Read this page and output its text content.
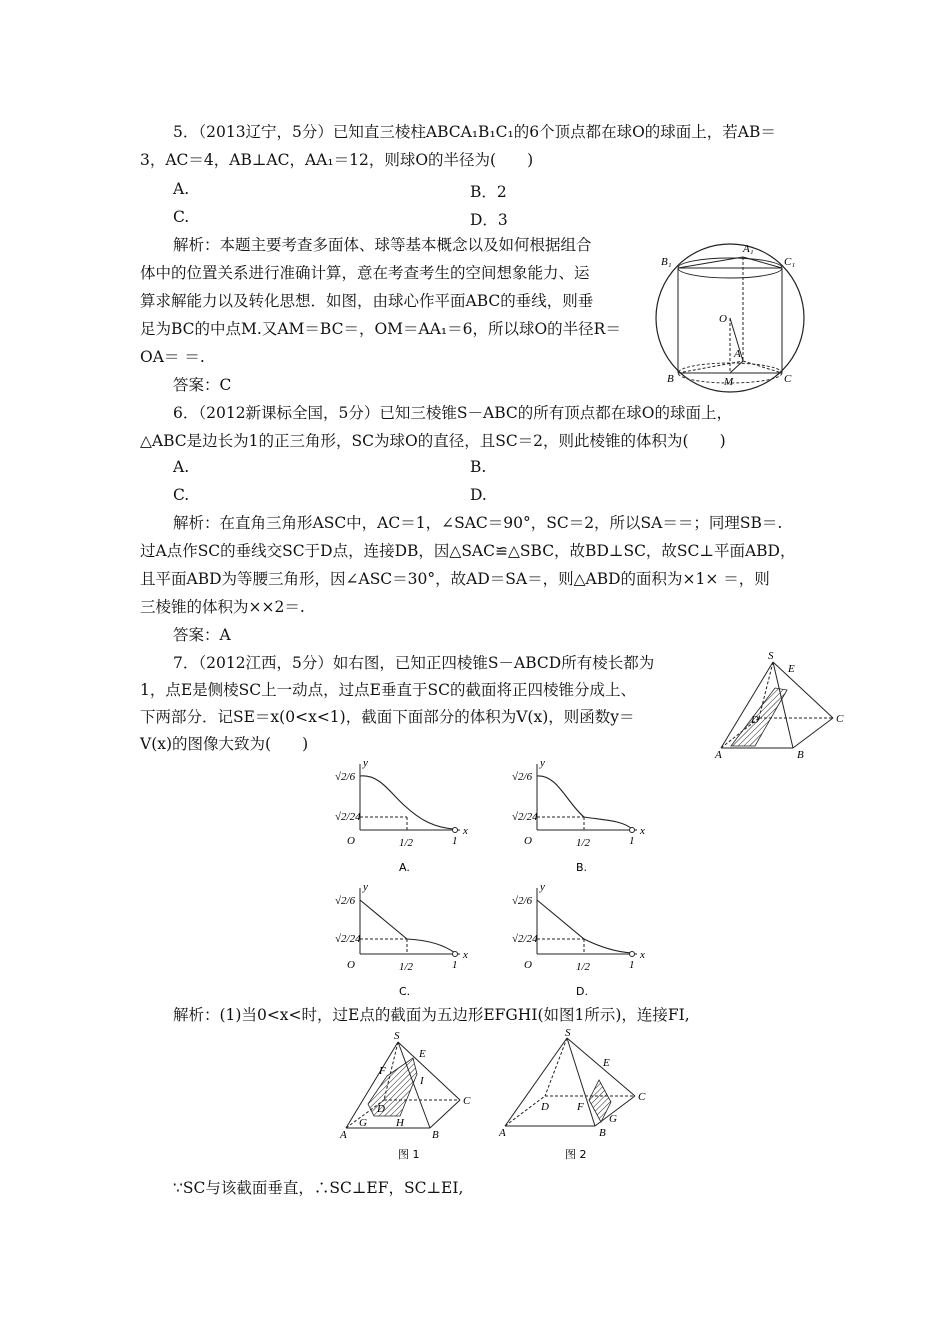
5．（2013辽宁，5分）已知直三棱柱ABCA₁B₁C₁的6个顶点都在球O的球面上，若AB＝
3，AC＝4，AB⊥AC，AA₁＝12，则球O的半径为(　　)
A.	B．2
C.	D．3
解析：本题主要考查多面体、球等基本概念以及如何根据组合
体中的位置关系进行准确计算，意在考查考生的空间想象能力、运
算求解能力以及转化思想．如图，由球心作平面ABC的垂线，则垂
足为BC的中点M.又AM＝BC＝，OM＝AA₁＝6，所以球O的半径R＝
OA＝ ＝.
答案：C
A₁
B₁	C₁
O
A
B	C
M
6．（2012新课标全国，5分）已知三棱锥S－ABC的所有顶点都在球O的球面上，
△ABC是边长为1的正三角形，SC为球O的直径，且SC＝2，则此棱锥的体积为(　　)
A.	B.
C.	D.
解析：在直角三角形ASC中，AC＝1，∠SAC＝90°，SC＝2，所以SA＝＝；同理SB＝.
过A点作SC的垂线交SC于D点，连接DB，因△SAC≌△SBC，故BD⊥SC，故SC⊥平面ABD，
且平面ABD为等腰三角形，因∠ASC＝30°，故AD＝SA＝，则△ABD的面积为×1× ＝，则
三棱锥的体积为××2＝.
答案：A
7．（2012江西，5分）如右图，已知正四棱锥S－ABCD所有棱长都为
1，点E是侧棱SC上一动点，过点E垂直于SC的截面将正四棱锥分成上、
下两部分．记SE＝x(0<x<1)，截面下面部分的体积为V(x)，则函数y＝
V(x)的图像大致为(　　)
S
E
D	C
A	B
y
x
√2/6
√2/24
O	1/2	1
A.
y
x
√2/6
√2/24
O	1/2	1
B.
y
x
√2/6
√2/24
O	1/2	1
C.
y
x
√2/6
√2/24
O	1/2	1
D.
解析：(1)当0<x<时，过E点的截面为五边形EFGHI(如图1所示)，连接FI,
S
E
F
I
D
C
A
G	H
B
图 1
S
E
D	F
C
A	B
G
图 2
∵SC与该截面垂直，∴SC⊥EF，SC⊥EI,
